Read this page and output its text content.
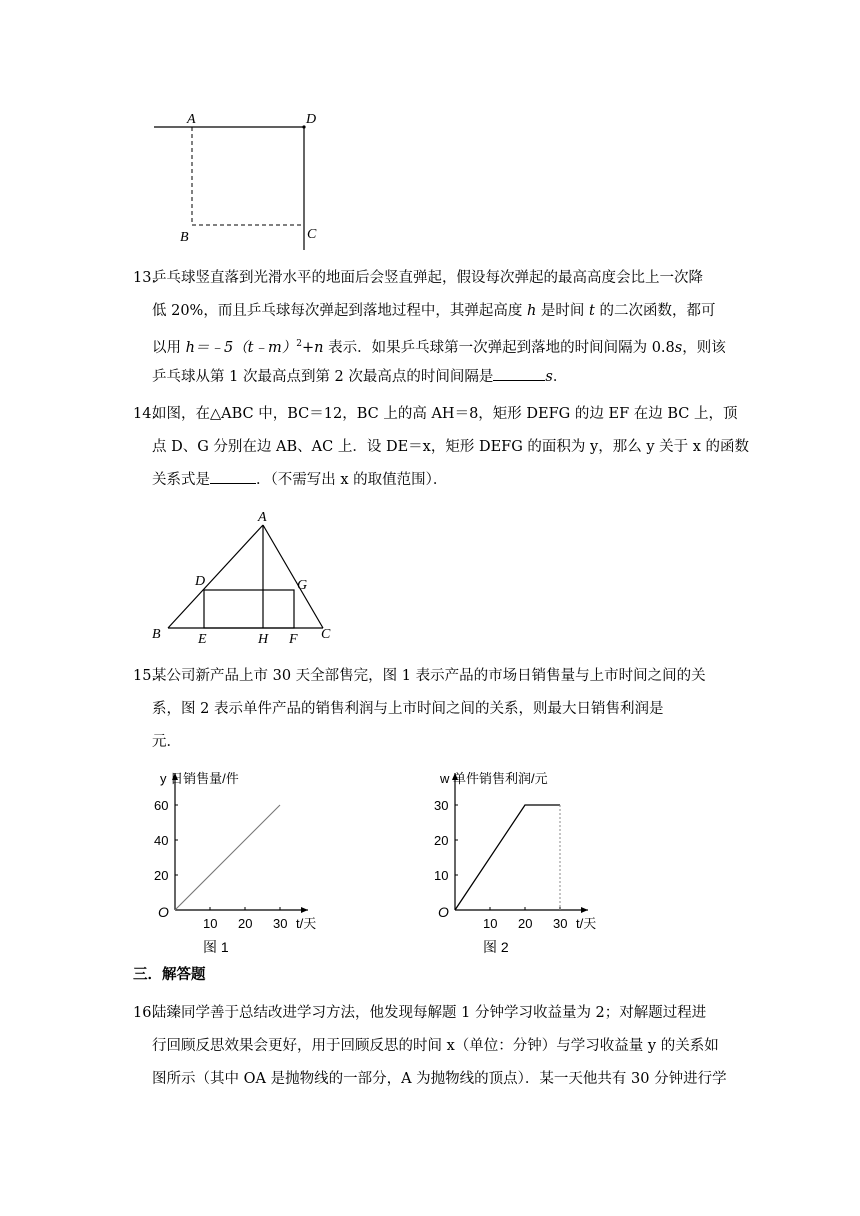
A	D
B	C
13.乒乓球竖直落到光滑水平的地面后会竖直弹起，假设每次弹起的最高高度会比上一次降
低 20%，而且乒乓球每次弹起到落地过程中，其弹起高度 h 是时间 t 的二次函数，都可
以用 h＝﹣5（t﹣m）$^2$+n 表示．如果乒乓球第一次弹起到落地的时间间隔为 0.8s，则该
乒乓球从第 1 次最高点到第 2 次最高点的时间间隔是	s．
14.如图，在△ABC 中，BC＝12，BC 上的高 AH＝8，矩形 DEFG 的边 EF 在边 BC 上，顶
点 D、G 分别在边 AB、AC 上．设 DE＝x，矩形 DEFG 的面积为 y，那么 y 关于 x 的函数
关系式是	．（不需写出 x 的取值范围）．
A
D	G
B	E	H F C
15.某公司新产品上市 30 天全部售完，图 1 表示产品的市场日销售量与上市时间之间的关
系，图 2 表示单件产品的销售利润与上市时间之间的关系，则最大日销售利润是
元．
O
y 日销售量/件
t/天
10 20 30
20
40
60
图 1
O
w 单件销售利润/元
t/天
10 20 30
10
20
30
图 2
三．解答题
16.陆臻同学善于总结改进学习方法，他发现每解题 1 分钟学习收益量为 2；对解题过程进
行回顾反思效果会更好，用于回顾反思的时间 x（单位：分钟）与学习收益量 y 的关系如
图所示（其中 OA 是抛物线的一部分，A 为抛物线的顶点）．某一天他共有 30 分钟进行学
